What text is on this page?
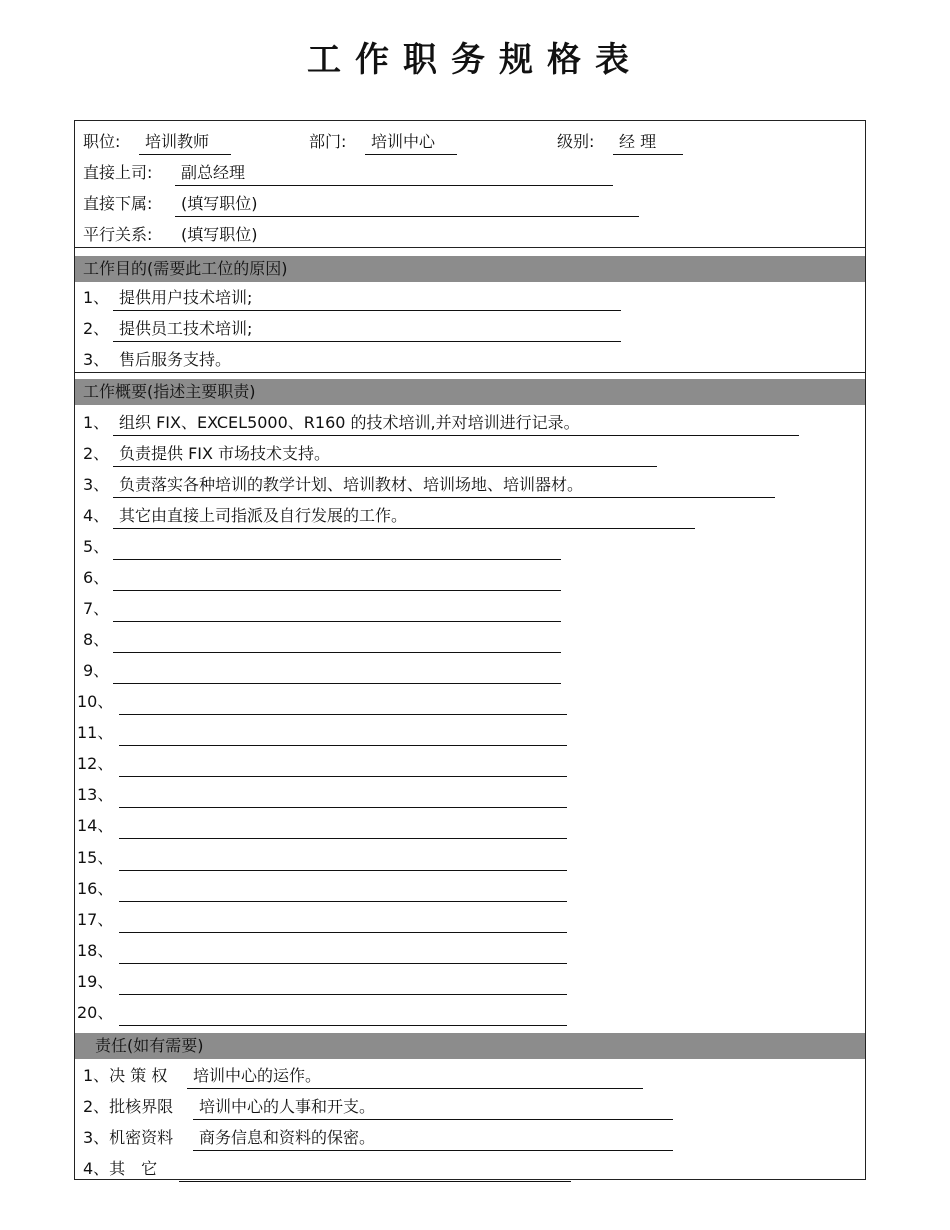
工作职务规格表
职位:	培训教师	部门:	培训中心	级别:	经 理
直接上司:	副总经理
直接下属:	(填写职位)
平行关系:	(填写职位)
工作目的(需要此工位的原因)
1、 提供用户技术培训;
2、 提供员工技术培训;
3、 售后服务支持。
工作概要(指述主要职责)
1、 组织 FIX、EXCEL5000、R160 的技术培训,并对培训进行记录。
2、 负责提供 FIX 市场技术支持。
3、 负责落实各种培训的教学计划、培训教材、培训场地、培训器材。
4、 其它由直接上司指派及自行发展的工作。
5、
6、
7、
8、
9、
10、
11、
12、
13、
14、
15、
16、
17、
18、
19、
20、
责任(如有需要)
1、决 策 权	培训中心的运作。
2、批核界限	培训中心的人事和开支。
3、机密资料	商务信息和资料的保密。
4、其　它
